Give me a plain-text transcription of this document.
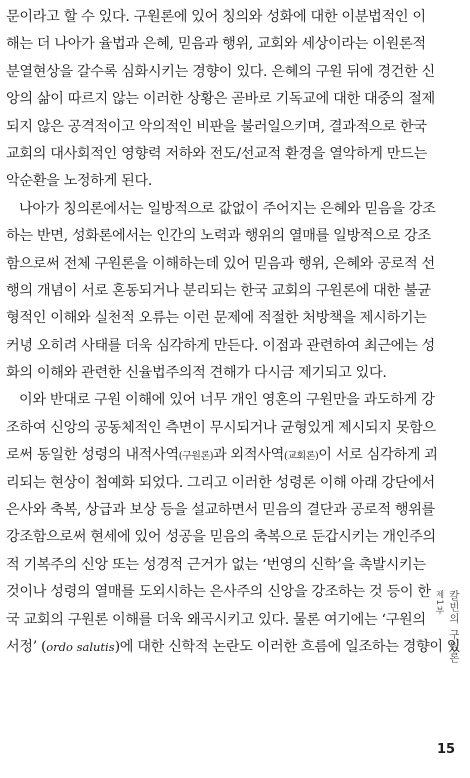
문이라고 할 수 있다. 구원론에 있어 칭의와 성화에 대한 이분법적인 이
해는 더 나아가 율법과 은혜, 믿음과 행위, 교회와 세상이라는 이원론적
분열현상을 갈수록 심화시키는 경향이 있다. 은혜의 구원 뒤에 경건한 신
앙의 삶이 따르지 않는 이러한 상황은 곧바로 기독교에 대한 대중의 절제
되지 않은 공격적이고 악의적인 비판을 불러일으키며, 결과적으로 한국
교회의 대사회적인 영향력 저하와 전도/선교적 환경을 열악하게 만드는
악순환을 노정하게 된다.
나아가 칭의론에서는 일방적으로 값없이 주어지는 은혜와 믿음을 강조
하는 반면, 성화론에서는 인간의 노력과 행위의 열매를 일방적으로 강조
함으로써 전체 구원론을 이해하는데 있어 믿음과 행위, 은혜와 공로적 선
행의 개념이 서로 혼동되거나 분리되는 한국 교회의 구원론에 대한 불균
형적인 이해와 실천적 오류는 이런 문제에 적절한 처방책을 제시하기는
커녕 오히려 사태를 더욱 심각하게 만든다. 이점과 관련하여 최근에는 성
화의 이해와 관련한 신율법주의적 견해가 다시금 제기되고 있다.
이와 반대로 구원 이해에 있어 너무 개인 영혼의 구원만을 과도하게 강
조하여 신앙의 공동체적인 측면이 무시되거나 균형있게 제시되지 못함으
로써 동일한 성령의 내적사역(구원론)과 외적사역(교회론)이 서로 심각하게 괴
리되는 현상이 첨예화 되었다. 그리고 이러한 성령론 이해 아래 강단에서
은사와 축복, 상급과 보상 등을 설교하면서 믿음의 결단과 공로적 행위를
강조함으로써 현세에 있어 성공을 믿음의 축복으로 둔갑시키는 개인주의
적 기복주의 신앙 또는 성경적 근거가 없는 ‘번영의 신학’을 촉발시키는
것이나 성령의 열매를 도외시하는 은사주의 신앙을 강조하는 것 등이 한
국 교회의 구원론 이해를 더욱 왜곡시키고 있다. 물론 여기에는 ‘구원의
서정’ (ordo salutis)에 대한 신학적 논란도 이러한 흐름에 일조하는 경향이 있
제1부 칼빈의 구원론
15
